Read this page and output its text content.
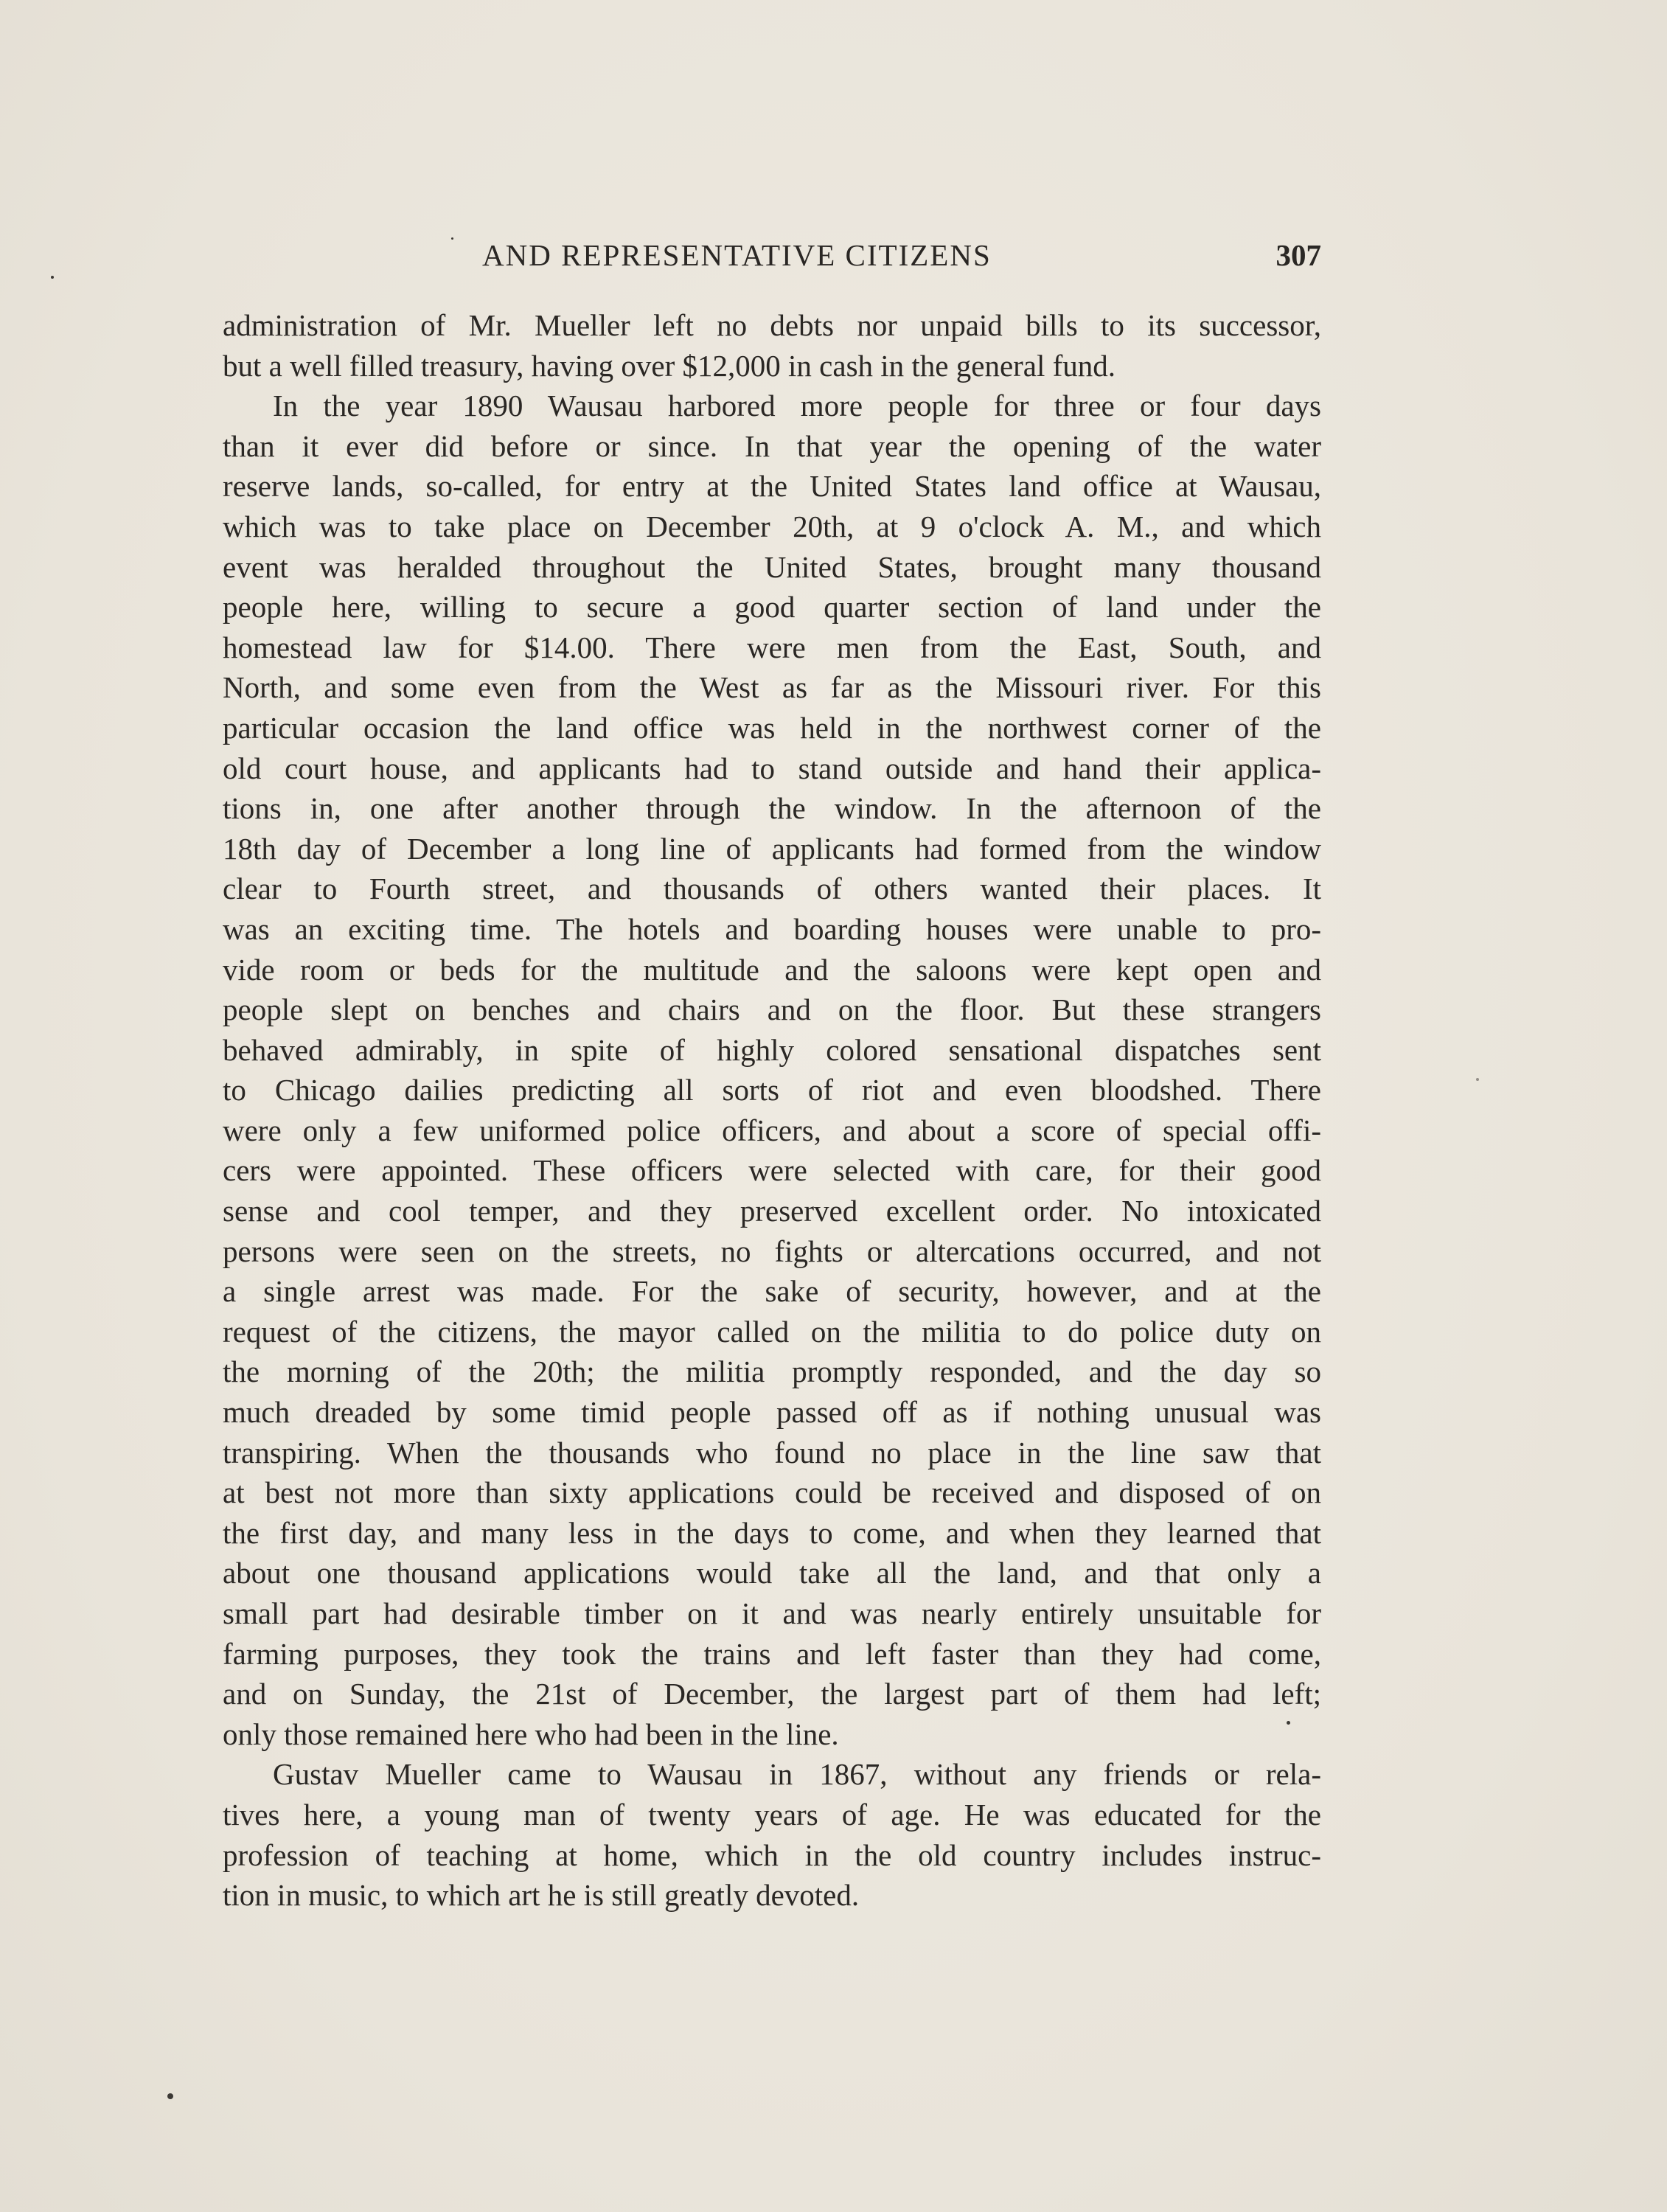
AND REPRESENTATIVE CITIZENS	307
administration of Mr. Mueller left no debts nor unpaid bills to its successor,
but a well filled treasury, having over $12,000 in cash in the general fund.
In the year 1890 Wausau harbored more people for three or four days
than it ever did before or since. In that year the opening of the water
reserve lands, so-called, for entry at the United States land office at Wausau,
which was to take place on December 20th, at 9 o'clock A. M., and which
event was heralded throughout the United States, brought many thousand
people here, willing to secure a good quarter section of land under the
homestead law for $14.00. There were men from the East, South, and
North, and some even from the West as far as the Missouri river. For this
particular occasion the land office was held in the northwest corner of the
old court house, and applicants had to stand outside and hand their applica-
tions in, one after another through the window. In the afternoon of the
18th day of December a long line of applicants had formed from the window
clear to Fourth street, and thousands of others wanted their places. It
was an exciting time. The hotels and boarding houses were unable to pro-
vide room or beds for the multitude and the saloons were kept open and
people slept on benches and chairs and on the floor. But these strangers
behaved admirably, in spite of highly colored sensational dispatches sent
to Chicago dailies predicting all sorts of riot and even bloodshed. There
were only a few uniformed police officers, and about a score of special offi-
cers were appointed. These officers were selected with care, for their good
sense and cool temper, and they preserved excellent order. No intoxicated
persons were seen on the streets, no fights or altercations occurred, and not
a single arrest was made. For the sake of security, however, and at the
request of the citizens, the mayor called on the militia to do police duty on
the morning of the 20th; the militia promptly responded, and the day so
much dreaded by some timid people passed off as if nothing unusual was
transpiring. When the thousands who found no place in the line saw that
at best not more than sixty applications could be received and disposed of on
the first day, and many less in the days to come, and when they learned that
about one thousand applications would take all the land, and that only a
small part had desirable timber on it and was nearly entirely unsuitable for
farming purposes, they took the trains and left faster than they had come,
and on Sunday, the 21st of December, the largest part of them had left;
only those remained here who had been in the line.
Gustav Mueller came to Wausau in 1867, without any friends or rela-
tives here, a young man of twenty years of age. He was educated for the
profession of teaching at home, which in the old country includes instruc-
tion in music, to which art he is still greatly devoted.
